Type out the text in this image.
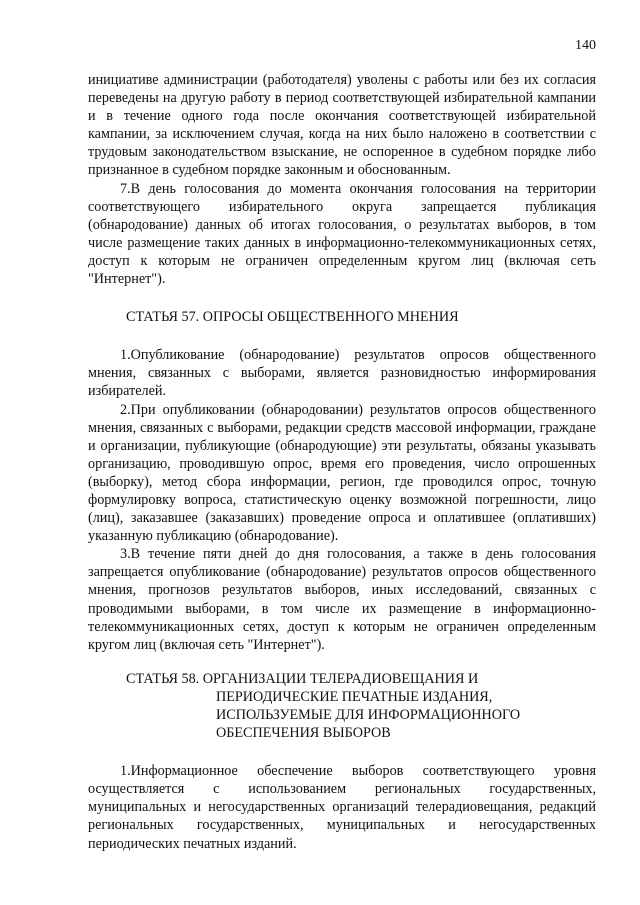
140

инициативе администрации (работодателя) уволены с работы или без их согласия переведены на другую работу в период соответствующей избирательной кампании и в течение одного года после окончания соответствующей избирательной кампании, за исключением случая, когда на них было наложено в соответствии с трудовым законодательством взыскание, не оспоренное в судебном порядке либо признанное в судебном порядке законным и обоснованным.

7.В день голосования до момента окончания голосования на территории соответствующего избирательного округа запрещается публикация (обнародование) данных об итогах голосования, о результатах выборов, в том числе размещение таких данных в информационно-телекоммуникационных сетях, доступ к которым не ограничен определенным кругом лиц (включая сеть "Интернет").

СТАТЬЯ 57. ОПРОСЫ ОБЩЕСТВЕННОГО МНЕНИЯ

1.Опубликование (обнародование) результатов опросов общественного мнения, связанных с выборами, является разновидностью информирования избирателей.

2.При опубликовании (обнародовании) результатов опросов общественного мнения, связанных с выборами, редакции средств массовой информации, граждане и организации, публикующие (обнародующие) эти результаты, обязаны указывать организацию, проводившую опрос, время его проведения, число опрошенных (выборку), метод сбора информации, регион, где проводился опрос, точную формулировку вопроса, статистическую оценку возможной погрешности, лицо (лиц), заказавшее (заказавших) проведение опроса и оплатившее (оплативших) указанную публикацию (обнародование).

3.В течение пяти дней до дня голосования, а также в день голосования запрещается опубликование (обнародование) результатов опросов общественного мнения, прогнозов результатов выборов, иных исследований, связанных с проводимыми выборами, в том числе их размещение в информационно-телекоммуникационных сетях, доступ к которым не ограничен определенным кругом лиц (включая сеть "Интернет").

СТАТЬЯ 58. ОРГАНИЗАЦИИ ТЕЛЕРАДИОВЕЩАНИЯ И
ПЕРИОДИЧЕСКИЕ ПЕЧАТНЫЕ ИЗДАНИЯ,
ИСПОЛЬЗУЕМЫЕ ДЛЯ ИНФОРМАЦИОННОГО
ОБЕСПЕЧЕНИЯ ВЫБОРОВ

1.Информационное обеспечение выборов соответствующего уровня осуществляется с использованием региональных государственных, муниципальных и негосударственных организаций телерадиовещания, редакций региональных государственных, муниципальных и негосударственных периодических печатных изданий.
